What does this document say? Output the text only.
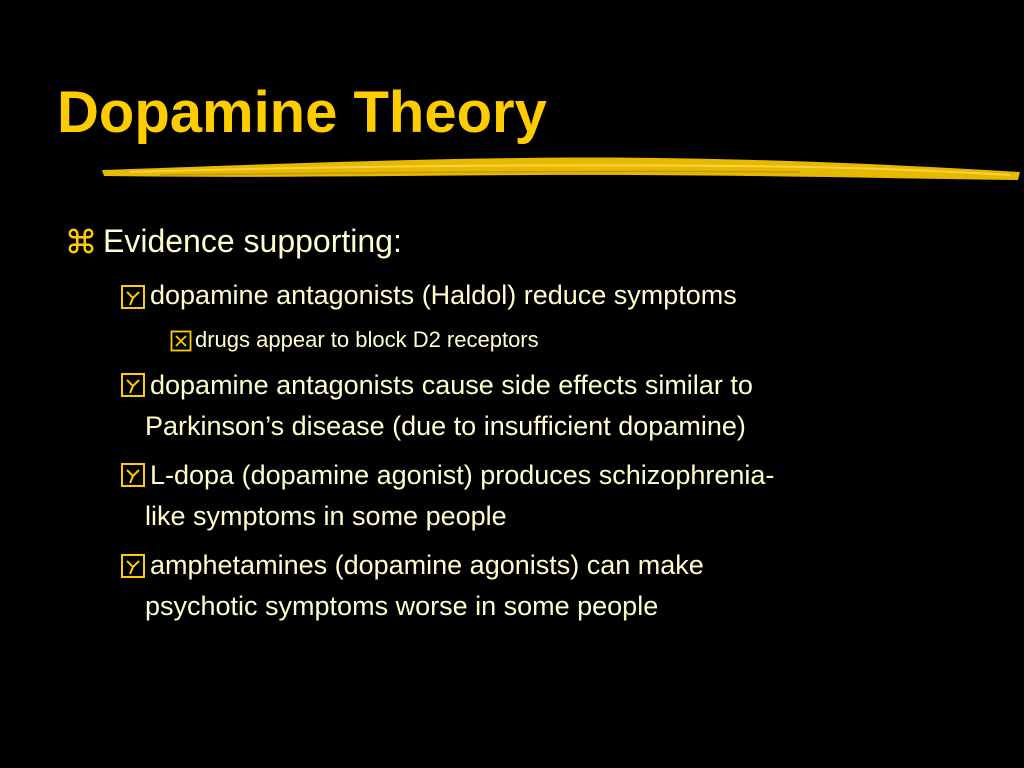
Dopamine Theory
Evidence supporting:
dopamine antagonists (Haldol) reduce symptoms
drugs appear to block D2 receptors
dopamine antagonists cause side effects similar to
Parkinson’s disease (due to insufficient dopamine)
L-dopa (dopamine agonist) produces schizophrenia-
like symptoms in some people
amphetamines (dopamine agonists) can make
psychotic symptoms worse in some people
